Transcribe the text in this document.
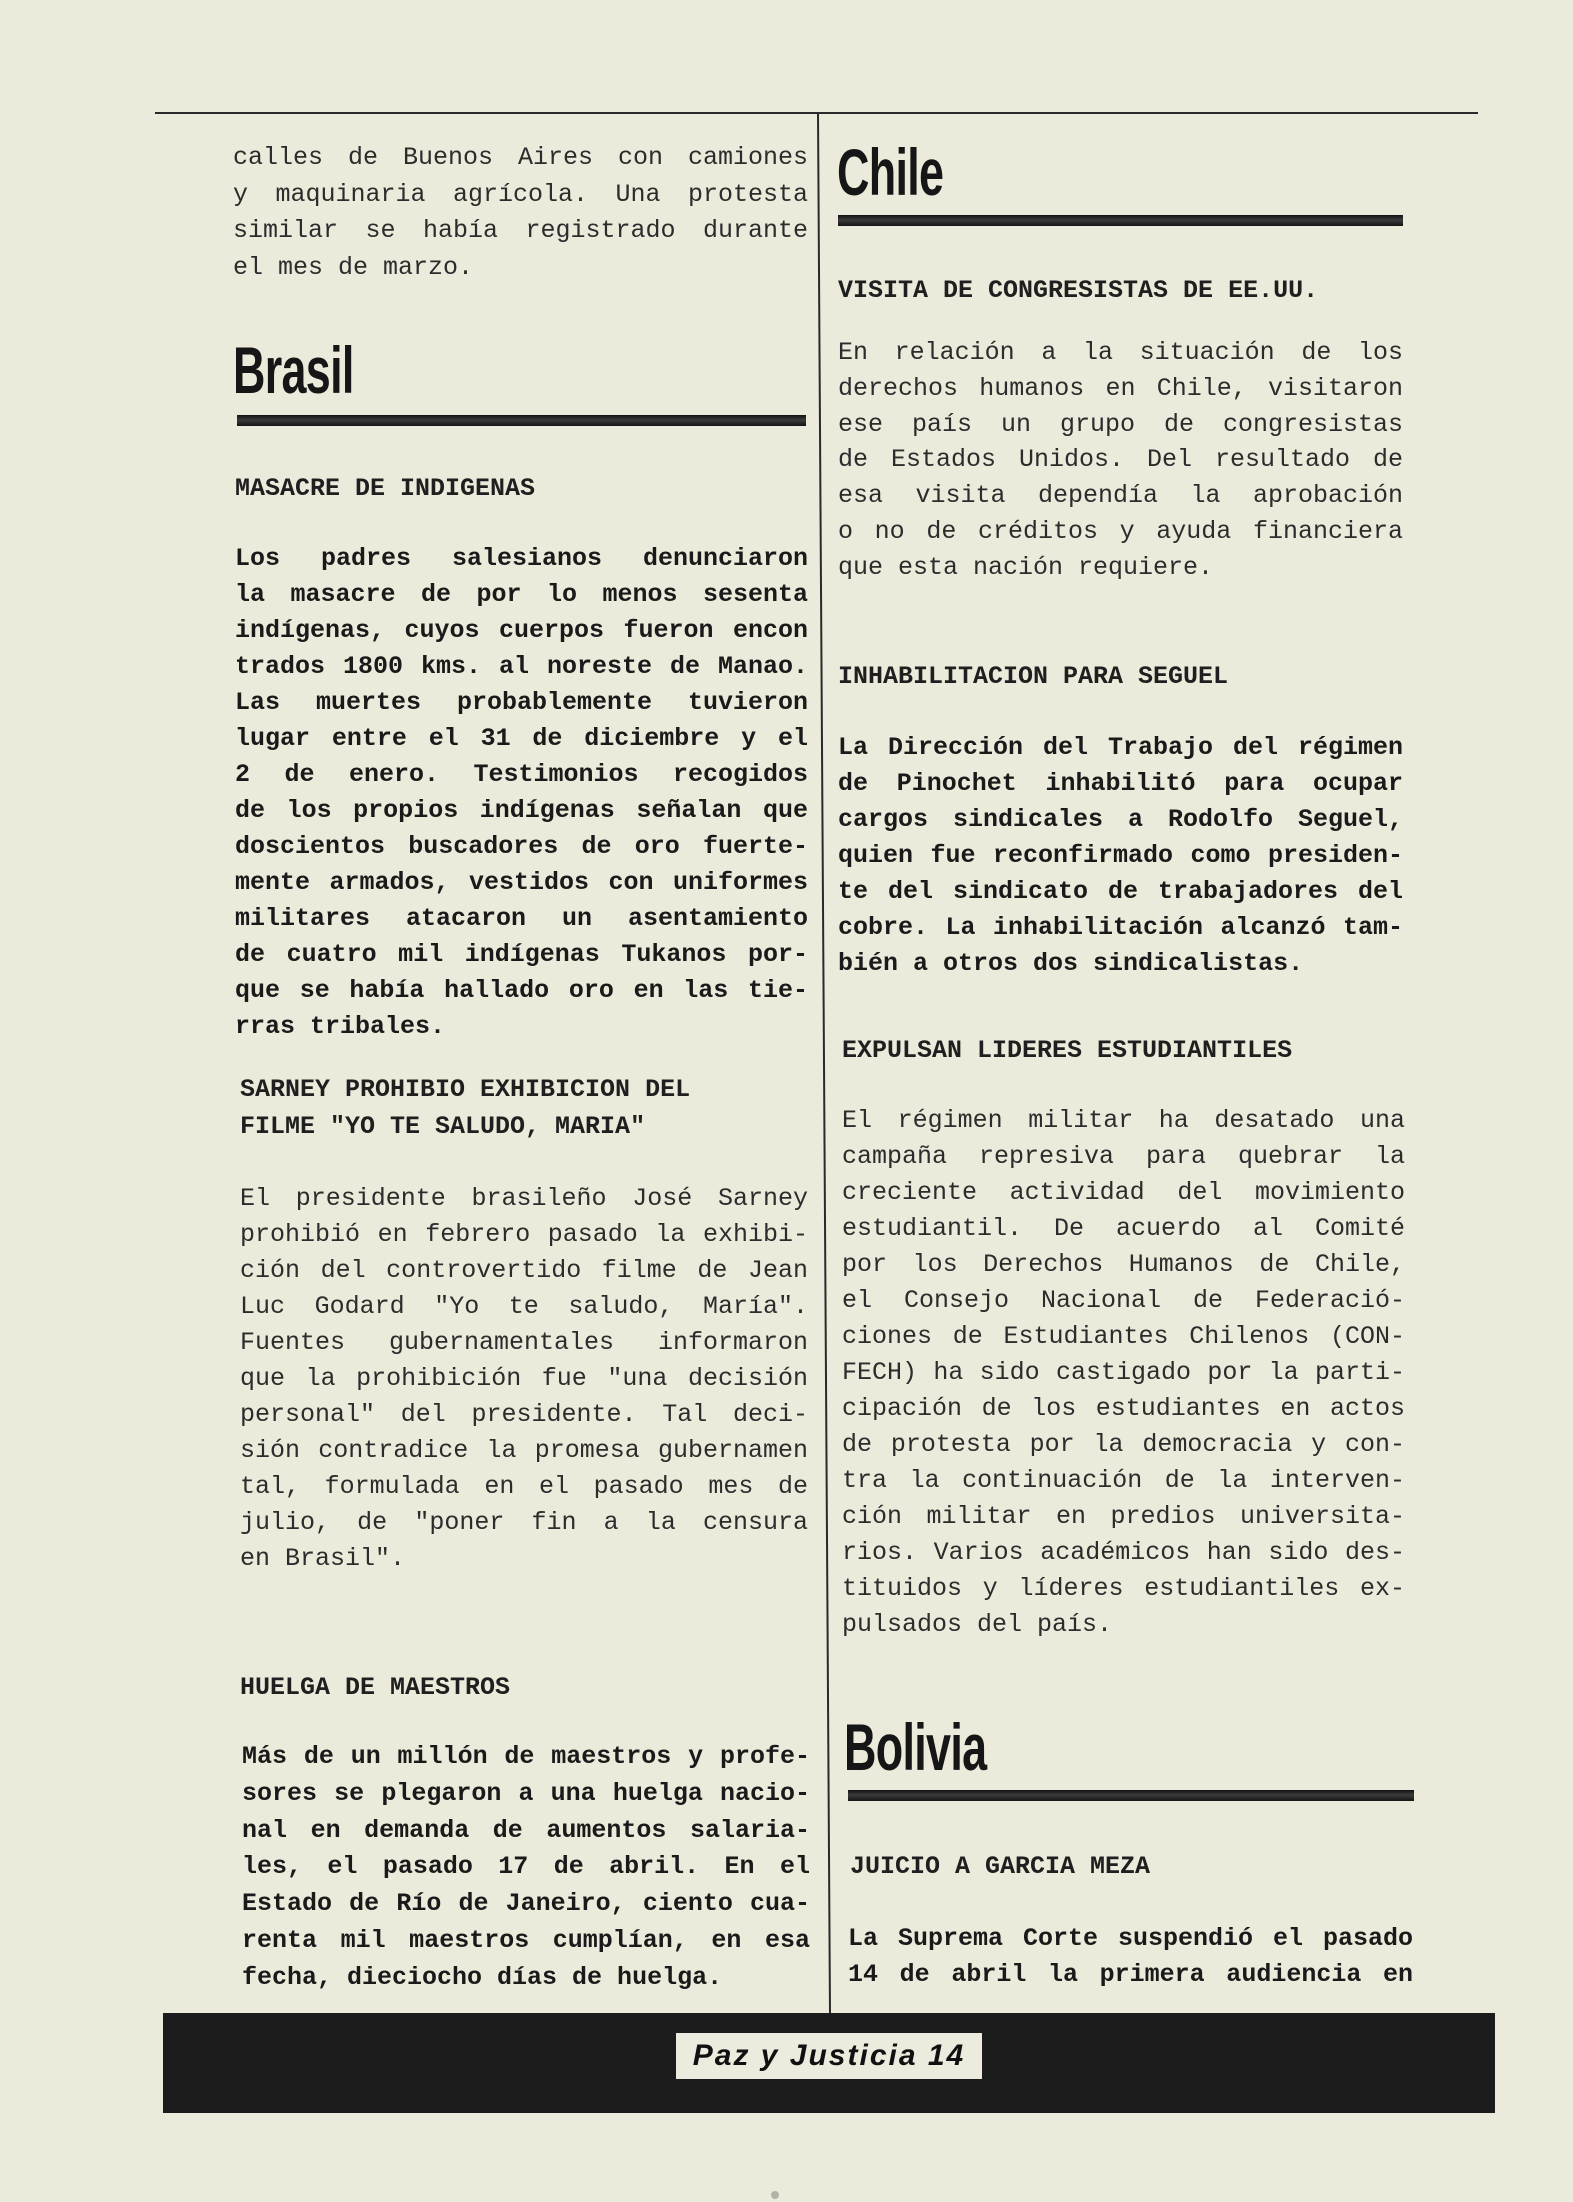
calles de Buenos Aires con camiones
y maquinaria agrícola. Una protesta
similar se había registrado durante
el mes de marzo.
Brasil
MASACRE DE INDIGENAS
Los padres salesianos denunciaron
la masacre de por lo menos sesenta
indígenas, cuyos cuerpos fueron encon
trados 1800 kms. al noreste de Manao.
Las muertes probablemente tuvieron
lugar entre el 31 de diciembre y el
2 de enero. Testimonios recogidos
de los propios indígenas señalan que
doscientos buscadores de oro fuerte-
mente armados, vestidos con uniformes
militares atacaron un asentamiento
de cuatro mil indígenas Tukanos por-
que se había hallado oro en las tie-
rras tribales.
SARNEY PROHIBIO EXHIBICION DEL
FILME "YO TE SALUDO, MARIA"
El presidente brasileño José Sarney
prohibió en febrero pasado la exhibi-
ción del controvertido filme de Jean
Luc Godard "Yo te saludo, María".
Fuentes gubernamentales informaron
que la prohibición fue "una decisión
personal" del presidente. Tal deci-
sión contradice la promesa gubernamen
tal, formulada en el pasado mes de
julio, de "poner fin a la censura
en Brasil".
HUELGA DE MAESTROS
Más de un millón de maestros y profe-
sores se plegaron a una huelga nacio-
nal en demanda de aumentos salaria-
les, el pasado 17 de abril. En el
Estado de Río de Janeiro, ciento cua-
renta mil maestros cumplían, en esa
fecha, dieciocho días de huelga.
Chile
VISITA DE CONGRESISTAS DE EE.UU.
En relación a la situación de los
derechos humanos en Chile, visitaron
ese país un grupo de congresistas
de Estados Unidos. Del resultado de
esa visita dependía la aprobación
o no de créditos y ayuda financiera
que esta nación requiere.
INHABILITACION PARA SEGUEL
La Dirección del Trabajo del régimen
de Pinochet inhabilitó para ocupar
cargos sindicales a Rodolfo Seguel,
quien fue reconfirmado como presiden-
te del sindicato de trabajadores del
cobre. La inhabilitación alcanzó tam-
bién a otros dos sindicalistas.
EXPULSAN LIDERES ESTUDIANTILES
El régimen militar ha desatado una
campaña represiva para quebrar la
creciente actividad del movimiento
estudiantil. De acuerdo al Comité
por los Derechos Humanos de Chile,
el Consejo Nacional de Federació-
ciones de Estudiantes Chilenos (CON-
FECH) ha sido castigado por la parti-
cipación de los estudiantes en actos
de protesta por la democracia y con-
tra la continuación de la interven-
ción militar en predios universita-
rios. Varios académicos han sido des-
tituidos y líderes estudiantiles ex-
pulsados del país.
Bolivia
JUICIO A GARCIA MEZA
La Suprema Corte suspendió el pasado
14 de abril la primera audiencia en
Paz y Justicia 14
